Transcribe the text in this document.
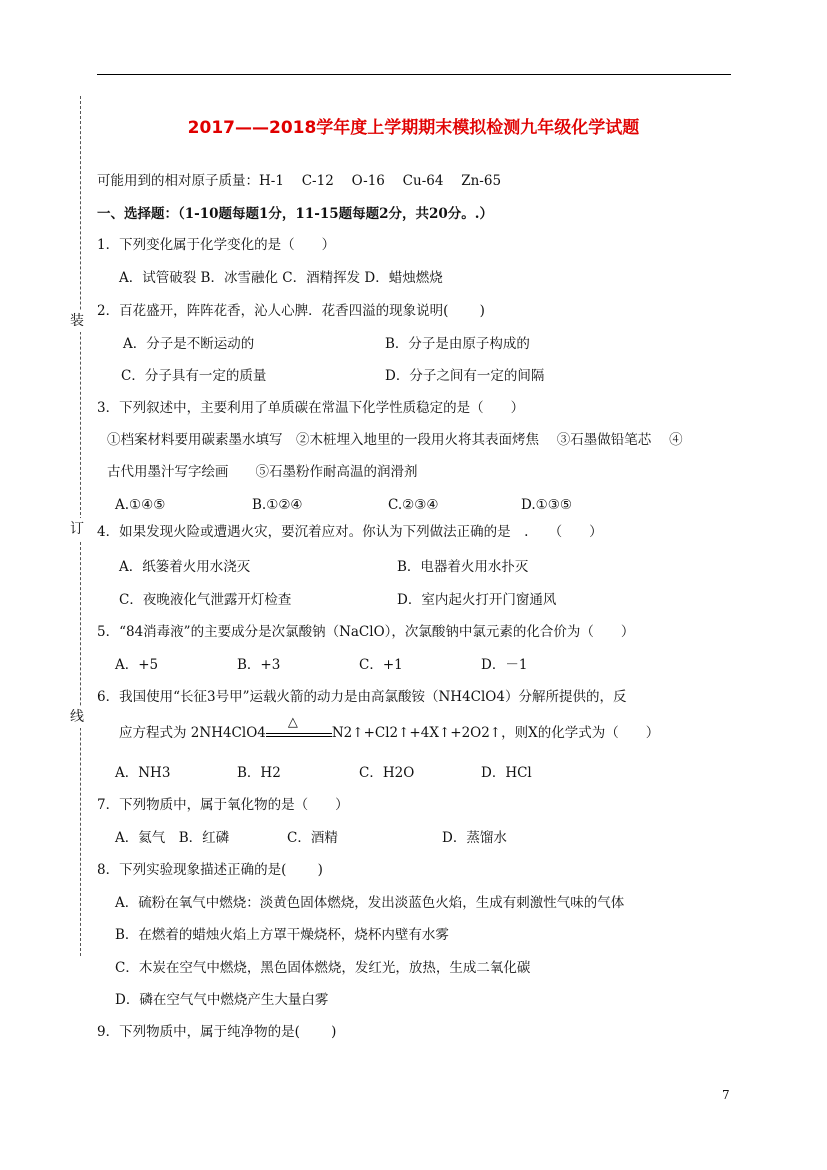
装
订
线
2017——2018学年度上学期期末模拟检测九年级化学试题
可能用到的相对原子质量：H-1　 C-12　 O-16　 Cu-64　 Zn-65
一、选择题：（1-10题每题1分，11-15题每题2分，共20分。.）
1．下列变化属于化学变化的是（　　）
A．试管破裂 B．冰雪融化 C．酒精挥发 D．蜡烛燃烧
2．百花盛开，阵阵花香，沁人心脾．花香四溢的现象说明(　　 )
A．分子是不断运动的	B．分子是由原子构成的
C．分子具有一定的质量	D．分子之间有一定的间隔
3．下列叙述中，主要利用了单质碳在常温下化学性质稳定的是（　　）
①档案材料要用碳素墨水填写　②木桩埋入地里的一段用火将其表面烤焦　 ③石墨做铅笔芯　 ④
古代用墨汁写字绘画　　⑤石墨粉作耐高温的润滑剂
A.①④⑤	B.①②④	C.②③④	D.①③⑤
4．如果发现火险或遭遇火灾，要沉着应对。你认为下列做法正确的是　.　　（　　）
A．纸篓着火用水浇灭	B．电器着火用水扑灭
C．夜晚液化气泄露开灯检查	D．室内起火打开门窗通风
5．“84消毒液”的主要成分是次氯酸钠（NaClO），次氯酸钠中氯元素的化合价为（　　）
A．+5	B．+3	C．+1	D．－1
6．我国使用“长征3号甲”运载火箭的动力是由高氯酸铵（NH4ClO4）分解所提供的，反
应方程式为 2NH4ClO4
△
N2↑+Cl2↑+4X↑+2O2↑，则X的化学式为（　　）
A．NH3	B．H2	C．H2O	D．HCl
7．下列物质中，属于氧化物的是（　　）
A．氦气　B．红磷	C．酒精	D．蒸馏水
8．下列实验现象描述正确的是(　　 )
A．硫粉在氧气中燃烧：淡黄色固体燃烧，发出淡蓝色火焰，生成有刺激性气味的气体
B．在燃着的蜡烛火焰上方罩干燥烧杯，烧杯内壁有水雾
C．木炭在空气中燃烧，黑色固体燃烧，发红光，放热，生成二氧化碳
D．磷在空气气中燃烧产生大量白雾
9．下列物质中，属于纯净物的是(　　 )
7
